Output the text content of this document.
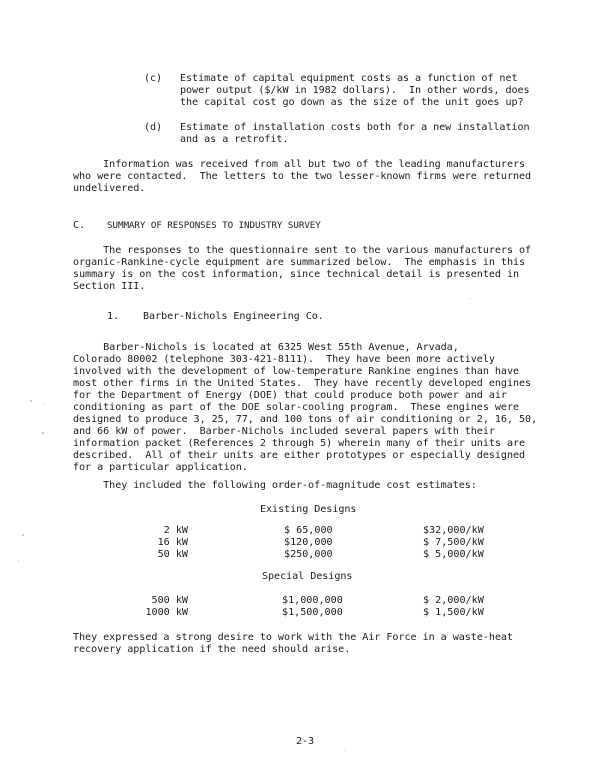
(c) Estimate of capital equipment costs as a function of net
power output ($/kW in 1982 dollars).  In other words, does
the capital cost go down as the size of the unit goes up?
(d) Estimate of installation costs both for a new installation
and as a retrofit.
Information was received from all but two of the leading manufacturers
who were contacted.  The letters to the two lesser-known firms were returned
undelivered.
C. SUMMARY OF RESPONSES TO INDUSTRY SURVEY
The responses to the questionnaire sent to the various manufacturers of
organic-Rankine-cycle equipment are summarized below.  The emphasis in this
summary is on the cost information, since technical detail is presented in
Section III.
1. Barber-Nichols Engineering Co.
Barber-Nichols is located at 6325 West 55th Avenue, Arvada,
Colorado 80002 (telephone 303-421-8111).  They have been more actively
involved with the development of low-temperature Rankine engines than have
most other firms in the United States.  They have recently developed engines
for the Department of Energy (DOE) that could produce both power and air
conditioning as part of the DOE solar-cooling program.  These engines were
designed to produce 3, 25, 77, and 100 tons of air conditioning or 2, 16, 50,
and 66 kW of power.  Barber-Nichols included several papers with their
information packet (References 2 through 5) wherein many of their units are
described.  All of their units are either prototypes or especially designed
for a particular application.
They included the following order-of-magnitude cost estimates:
Existing Designs
2 kW	$ 65,000	$32,000/kW
16 kW	$120,000	$ 7,500/kW
50 kW	$250,000	$ 5,000/kW
Special Designs
500 kW	$1,000,000	$ 2,000/kW
1000 kW	$1,500,000	$ 1,500/kW
They expressed a strong desire to work with the Air Force in a waste-heat
recovery application if the need should arise.
2-3
